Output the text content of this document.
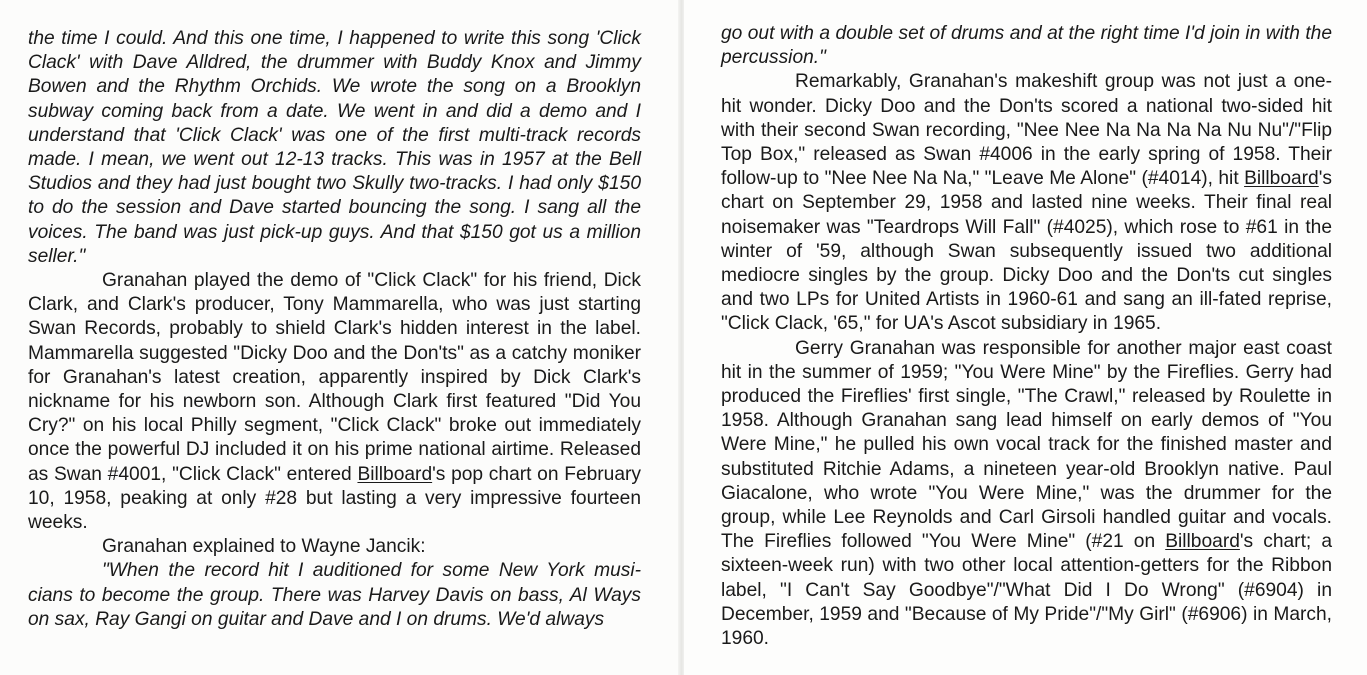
the time I could. And this one time, I happened to write this song 'Click Clack' with Dave Alldred, the drummer with Buddy Knox and Jimmy Bowen and the Rhythm Orchids. We wrote the song on a Brooklyn subway coming back from a date. We went in and did a demo and I understand that 'Click Clack' was one of the first multi-track records made. I mean, we went out 12-13 tracks. This was in 1957 at the Bell Studios and they had just bought two Skully two-tracks. I had only $150 to do the session and Dave started bouncing the song. I sang all the voices. The band was just pick-up guys. And that $150 got us a million seller."

Granahan played the demo of "Click Clack" for his friend, Dick Clark, and Clark's producer, Tony Mammarella, who was just starting Swan Records, probably to shield Clark's hidden interest in the label. Mammarella suggested "Dicky Doo and the Don'ts" as a catchy moniker for Granahan's latest creation, apparently inspired by Dick Clark's nickname for his newborn son. Although Clark first featured "Did You Cry?" on his local Philly segment, "Click Clack" broke out immediately once the powerful DJ included it on his prime national airtime. Released as Swan #4001, "Click Clack" entered Billboard's pop chart on February 10, 1958, peaking at only #28 but lasting a very impressive fourteen weeks.

Granahan explained to Wayne Jancik:

"When the record hit I auditioned for some New York musi-cians to become the group. There was Harvey Davis on bass, Al Ways on sax, Ray Gangi on guitar and Dave and I on drums. We'd always

go out with a double set of drums and at the right time I'd join in with the percussion."

Remarkably, Granahan's makeshift group was not just a one-hit wonder. Dicky Doo and the Don'ts scored a national two-sided hit with their second Swan recording, "Nee Nee Na Na Na Na Nu Nu"/"Flip Top Box," released as Swan #4006 in the early spring of 1958. Their follow-up to "Nee Nee Na Na," "Leave Me Alone" (#4014), hit Billboard's chart on September 29, 1958 and lasted nine weeks. Their final real noisemaker was "Teardrops Will Fall" (#4025), which rose to #61 in the winter of '59, although Swan subsequently issued two additional mediocre singles by the group. Dicky Doo and the Don'ts cut singles and two LPs for United Artists in 1960-61 and sang an ill-fated reprise, "Click Clack, '65," for UA's Ascot subsidiary in 1965.

Gerry Granahan was responsible for another major east coast hit in the summer of 1959; "You Were Mine" by the Fireflies. Gerry had produced the Fireflies' first single, "The Crawl," released by Roulette in 1958. Although Granahan sang lead himself on early demos of "You Were Mine," he pulled his own vocal track for the finished master and substituted Ritchie Adams, a nineteen year-old Brooklyn native. Paul Giacalone, who wrote "You Were Mine," was the drummer for the group, while Lee Reynolds and Carl Girsoli handled guitar and vocals. The Fireflies followed "You Were Mine" (#21 on Billboard's chart; a sixteen-week run) with two other local attention-getters for the Ribbon label, "I Can't Say Goodbye"/"What Did I Do Wrong" (#6904) in December, 1959 and "Because of My Pride"/"My Girl" (#6906) in March, 1960.
